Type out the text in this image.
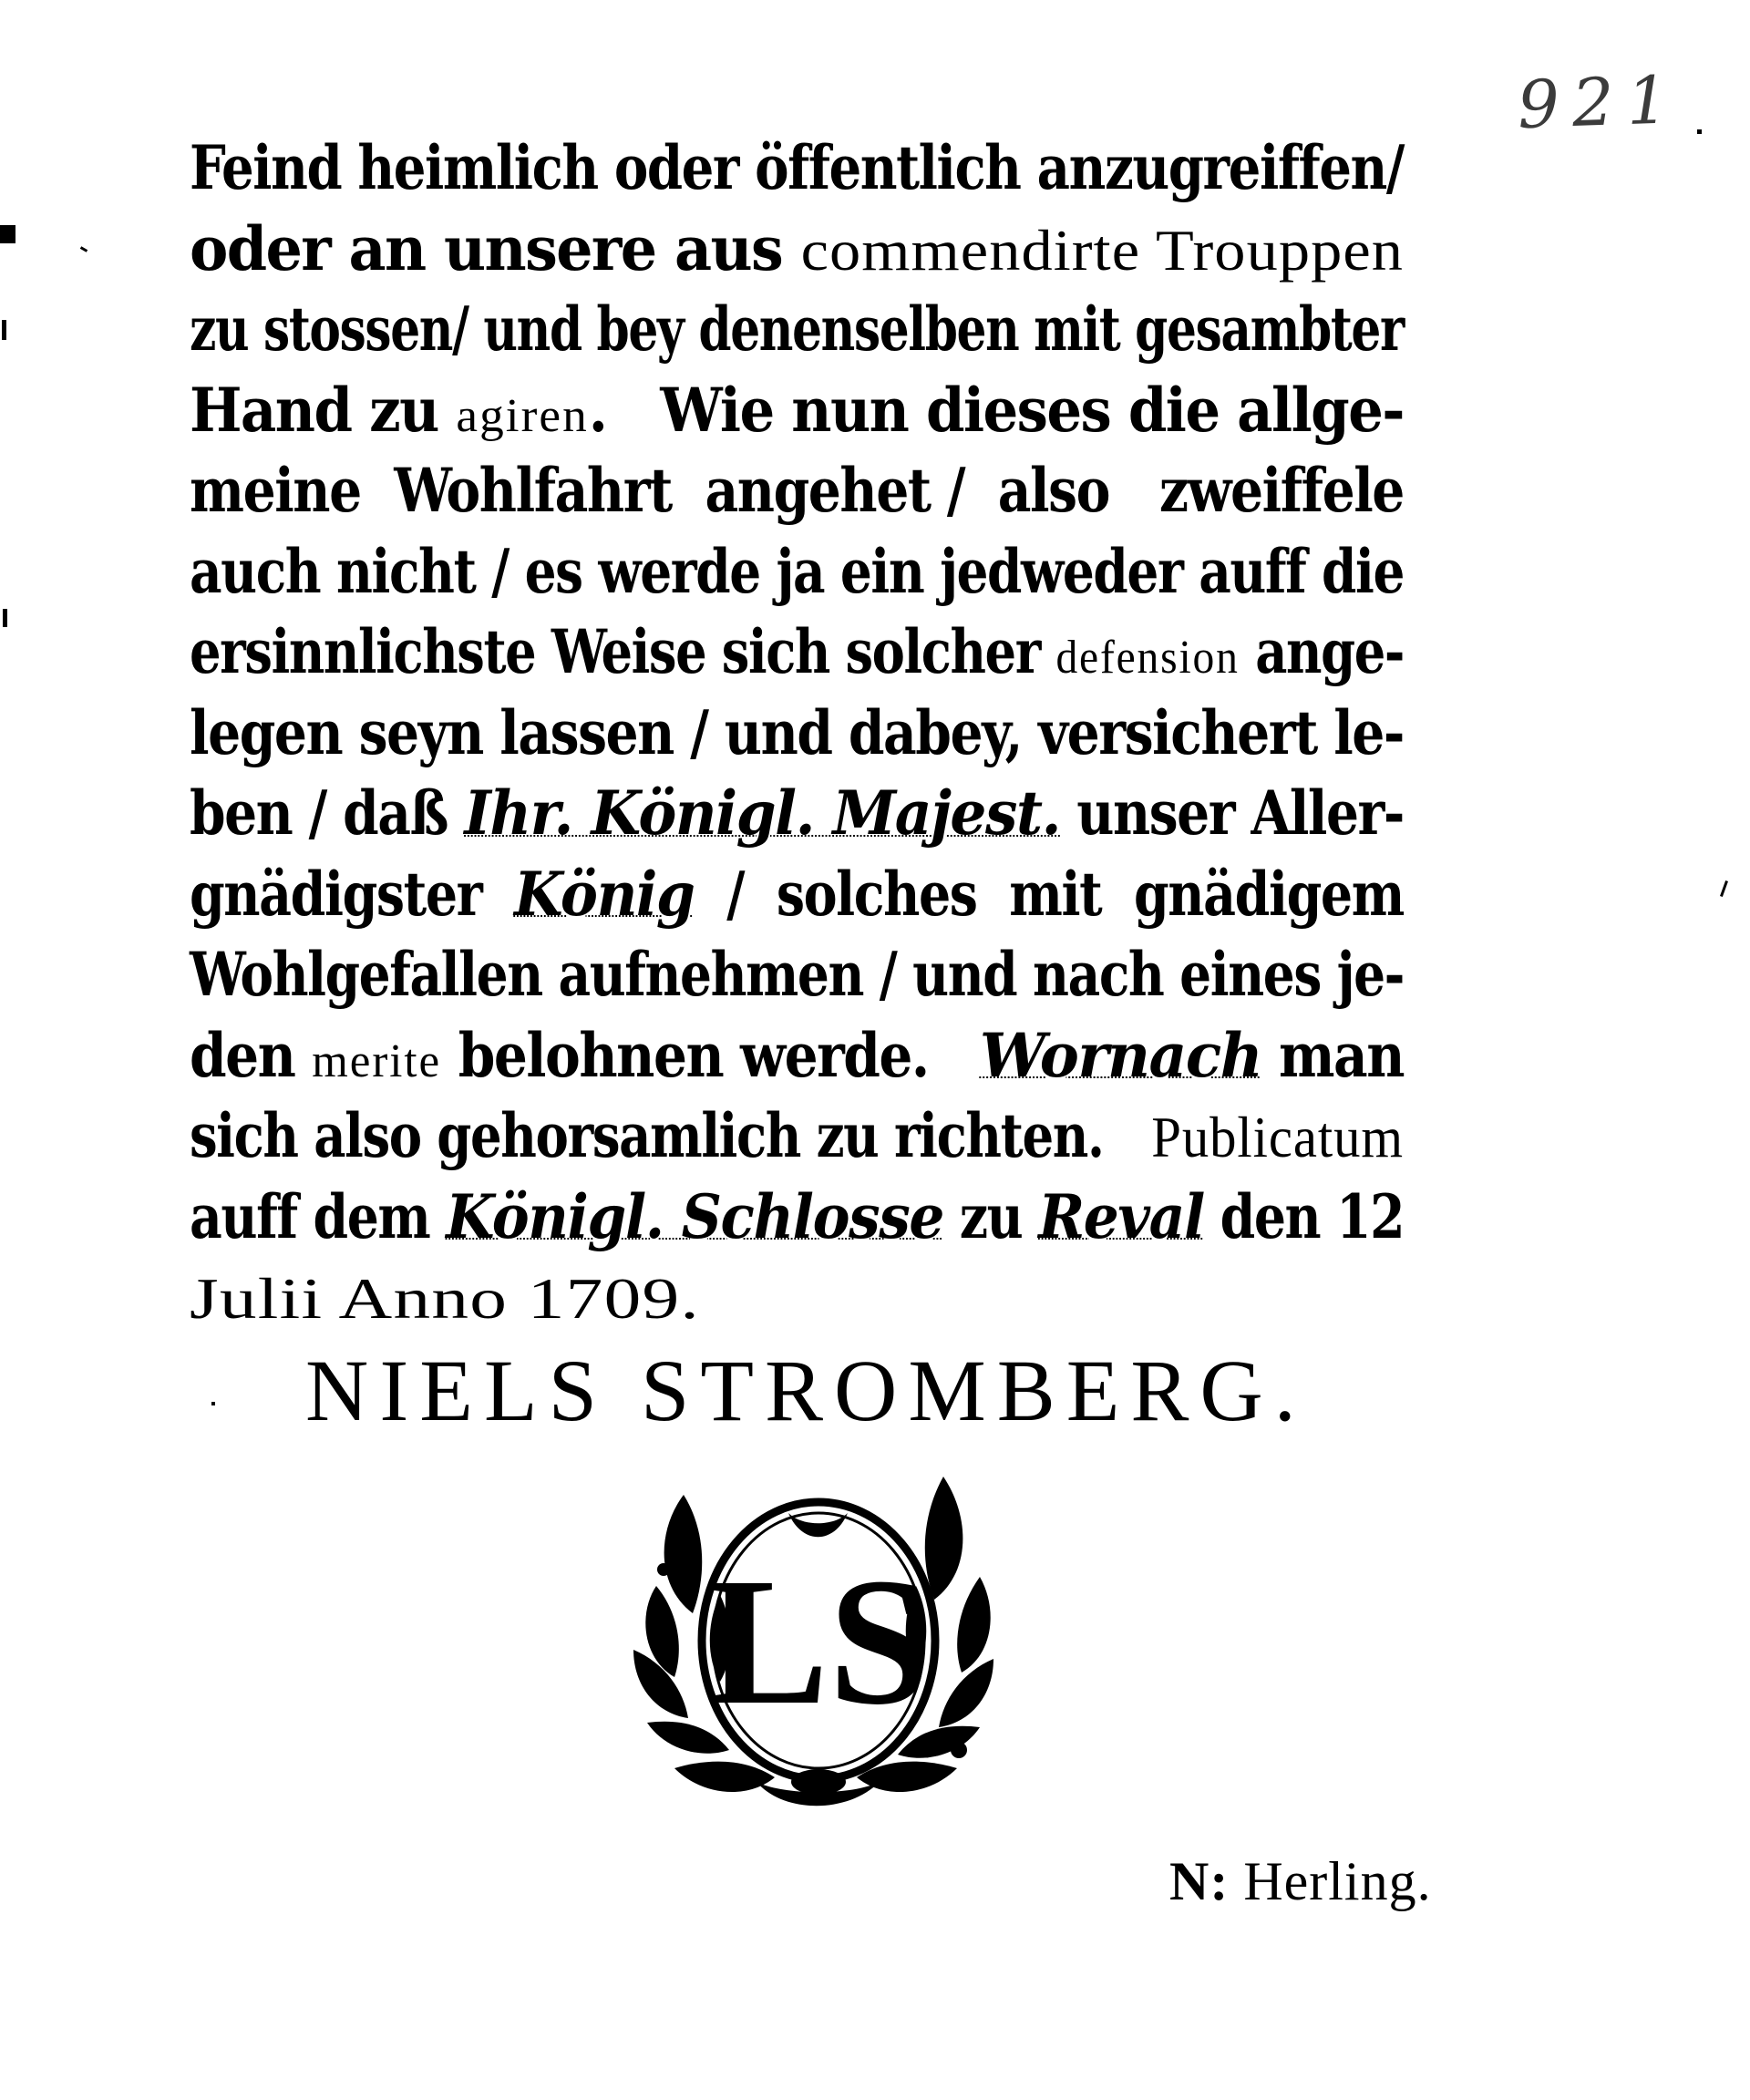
921
Feind heimlich oder öffentlich anzugreiffen/
oder an unsere aus commendirte Trouppen
zu stossen/ und bey denenselben mit gesambter
Hand zu agiren.   Wie nun dieses die allge-
meine  Wohlfahrt  angehet /  also   zweiffele
auch nicht / es werde ja ein jedweder auff die
ersinnlichste Weise sich solcher defension ange-
legen seyn lassen / und dabey, versichert le-
ben / daß Ihr. Königl. Majest. unser Aller-
gnädigster  König  /  solches  mit  gnädigem
Wohlgefallen aufnehmen / und nach eines je-
den merite belohnen werde.   Wornach man
sich also gehorsamlich zu richten.   Publicatum
auff dem Königl. Schlosse zu Reval den 12
Julii Anno 1709.
NIELS STROMBERG.
LS
N: Herling.
